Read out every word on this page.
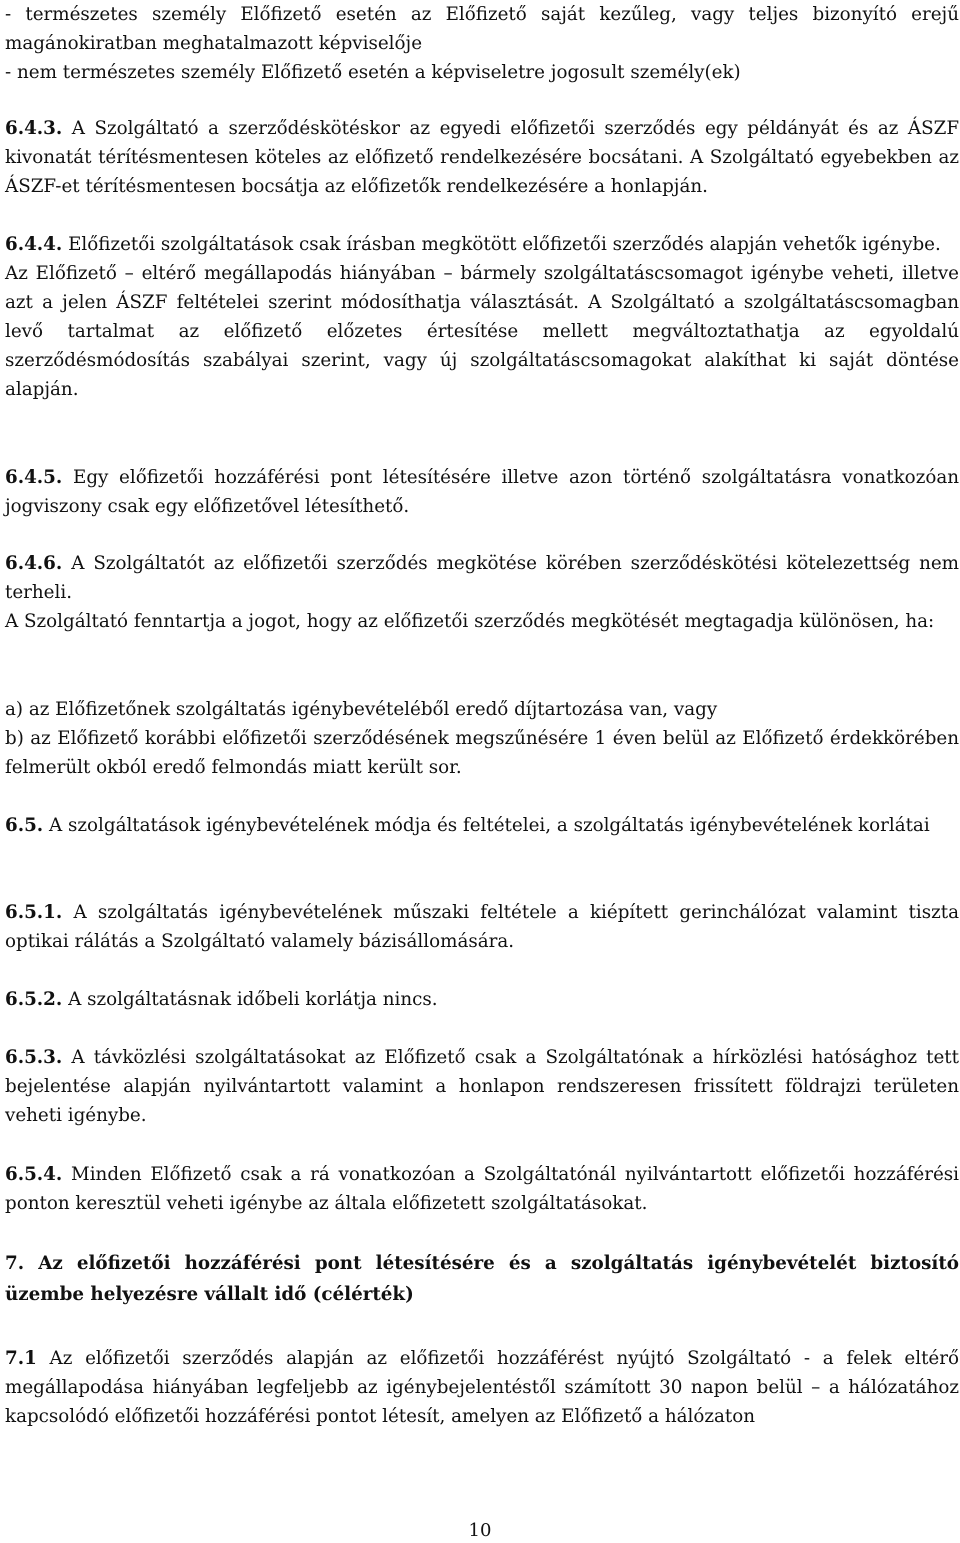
- természetes személy Előfizető esetén az Előfizető saját kezűleg, vagy teljes bizonyító erejű
magánokiratban meghatalmazott képviselője
- nem természetes személy Előfizető esetén a képviseletre jogosult személy(ek)

6.4.3. A Szolgáltató a szerződéskötéskor az egyedi előfizetői szerződés egy példányát és az ÁSZF kivonatát térítésmentesen köteles az előfizető rendelkezésére bocsátani. A Szolgáltató egyebekben az ÁSZF-et térítésmentesen bocsátja az előfizetők rendelkezésére a honlapján.

6.4.4. Előfizetői szolgáltatások csak írásban megkötött előfizetői szerződés alapján vehetők igénybe.

Az Előfizető – eltérő megállapodás hiányában – bármely szolgáltatáscsomagot igénybe veheti, illetve azt a jelen ÁSZF feltételei szerint módosíthatja választását. A Szolgáltató a szolgáltatáscsomagban levő tartalmat az előfizető előzetes értesítése mellett megváltoztathatja az egyoldalú szerződésmódosítás szabályai szerint, vagy új szolgáltatáscsomagokat alakíthat ki saját döntése alapján.

6.4.5. Egy előfizetői hozzáférési pont létesítésére illetve azon történő szolgáltatásra vonatkozóan jogviszony csak egy előfizetővel létesíthető.

6.4.6. A Szolgáltatót az előfizetői szerződés megkötése körében szerződéskötési kötelezettség nem terheli.

A Szolgáltató fenntartja a jogot, hogy az előfizetői szerződés megkötését megtagadja különösen, ha:

a) az Előfizetőnek szolgáltatás igénybevételéből eredő díjtartozása van, vagy

b) az Előfizető korábbi előfizetői szerződésének megszűnésére 1 éven belül az Előfizető érdekkörében felmerült okból eredő felmondás miatt került sor.

6.5. A szolgáltatások igénybevételének módja és feltételei, a szolgáltatás igénybevételének korlátai

6.5.1. A szolgáltatás igénybevételének műszaki feltétele a kiépített gerinchálózat valamint tiszta optikai rálátás a Szolgáltató valamely bázisállomására.

6.5.2. A szolgáltatásnak időbeli korlátja nincs.

6.5.3. A távközlési szolgáltatásokat az Előfizető csak a Szolgáltatónak a hírközlési hatósághoz tett bejelentése alapján nyilvántartott valamint a honlapon rendszeresen frissített földrajzi területen veheti igénybe.

6.5.4. Minden Előfizető csak a rá vonatkozóan a Szolgáltatónál nyilvántartott előfizetői hozzáférési ponton keresztül veheti igénybe az általa előfizetett szolgáltatásokat.

7. Az előfizetői hozzáférési pont létesítésére és a szolgáltatás igénybevételét biztosító üzembe helyezésre vállalt idő (célérték)

7.1 Az előfizetői szerződés alapján az előfizetői hozzáférést nyújtó Szolgáltató - a felek eltérő megállapodása hiányában legfeljebb az igénybejelentéstől számított 30 napon belül – a hálózatához kapcsolódó előfizetői hozzáférési pontot létesít, amelyen az Előfizető a hálózaton

10
